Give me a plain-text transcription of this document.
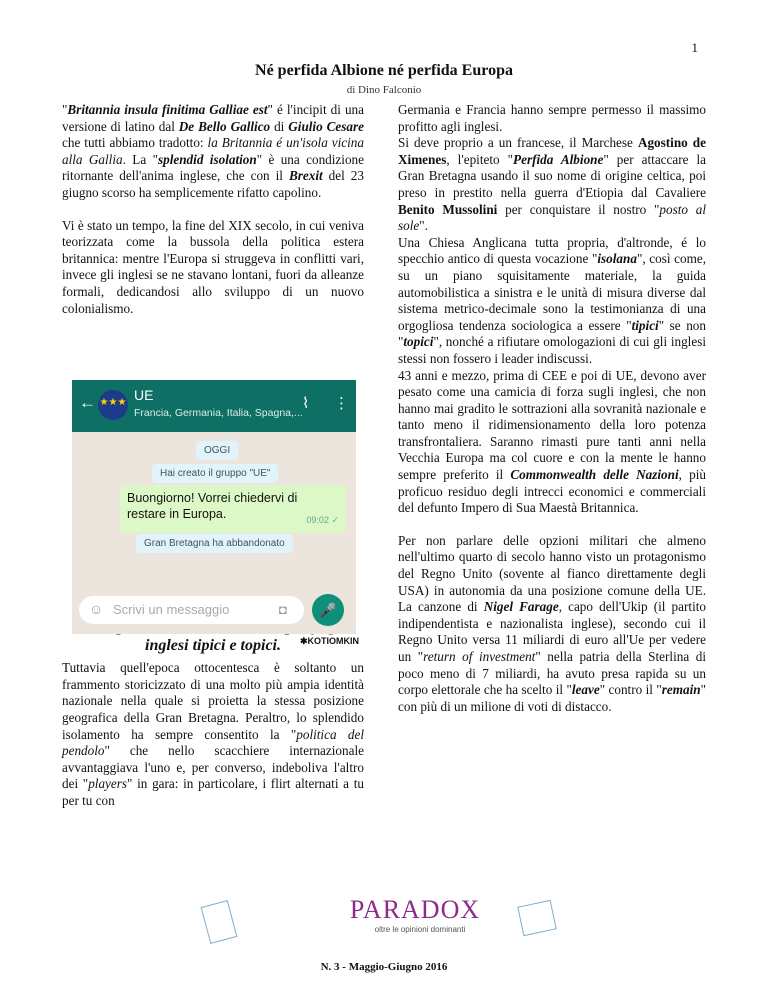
1
Né perfida Albione né perfida Europa
di Dino Falconio

"Britannia insula finitima Galliae est" é l'incipit di una versione di latino dal De Bello Gallico di Giulio Cesare che tutti abbiamo tradotto: la Britannia é un'isola vicina alla Gallia. La "splendid isolation" è una condizione ritornante dell'anima inglese, che con il Brexit del 23 giugno scorso ha semplicemente rifatto capolino.

Vi è stato un tempo, la fine del XIX secolo, in cui veniva teorizzata come la bussola della politica estera britannica: mentre l'Europa si struggeva in conflitti vari, invece gli inglesi se ne stavano lontani, fuori da alleanze formali, dedicandosi allo sviluppo di un nuovo colonialismo.

inglesi tipici e topici.

Tuttavia quell'epoca ottocentesca è soltanto un frammento storicizzato di una molto più ampia identità nazionale nella quale si proietta la stessa posizione geografica della Gran Bretagna. Peraltro, lo splendido isolamento ha sempre consentito la "politica del pendolo" che nello scacchiere internazionale avvantaggiava l'uno e, per converso, indeboliva l'altro dei "players" in gara: in particolare, i flirt alternati a tu per tu con

← ★★★ UE
Francia, Germania, Italia, Spagna,...
⌇ ⋮
OGGI
Hai creato il gruppo "UE"
Buongiorno! Vorrei chiedervi di restare in Europa.	09:02 ✓
Gran Bretagna ha abbandonato
☺ Scrivi un messaggio	◘	🎤
✱KOTIOMKIN

Germania e Francia hanno sempre permesso il massimo profitto agli inglesi.
Si deve proprio a un francese, il Marchese Agostino de Ximenes, l'epiteto "Perfida Albione" per attaccare la Gran Bretagna usando il suo nome di origine celtica, poi preso in prestito nella guerra d'Etiopia dal Cavaliere Benito Mussolini per conquistare il nostro "posto al sole".
Una Chiesa Anglicana tutta propria, d'altronde, é lo specchio antico di questa vocazione "isolana", così come, su un piano squisitamente materiale, la guida automobilistica a sinistra e le unità di misura diverse dal sistema metrico-decimale sono la testimonianza di una orgogliosa tendenza sociologica a essere "tipici" se non "topici", nonché a rifiutare omologazioni di cui gli inglesi stessi non fossero i leader indiscussi.
43 anni e mezzo, prima di CEE e poi di UE, devono aver pesato come una camicia di forza sugli inglesi, che non hanno mai gradito le sottrazioni alla sovranità nazionale e tanto meno il ridimensionamento della loro potenza transfrontaliera. Saranno rimasti pure tanti anni nella Vecchia Europa ma col cuore e con la mente le hanno sempre preferito il Commonwealth delle Nazioni, più proficuo residuo degli intrecci economici e commerciali del defunto Impero di Sua Maestà Britannica.

Per non parlare delle opzioni militari che almeno nell'ultimo quarto di secolo hanno visto un protagonismo del Regno Unito (sovente al fianco direttamente degli USA) in autonomia da una posizione comune della UE. La canzone di Nigel Farage, capo dell'Ukip (il partito indipendentista e nazionalista inglese), secondo cui il Regno Unito versa 11 miliardi di euro all'Ue per vedere un "return of investment" nella patria della Sterlina di poco meno di 7 miliardi, ha avuto presa rapida su un corpo elettorale che ha scelto il "leave" contro il "remain" con più di un milione di voti di distacco.

PARADOX
oltre le opinioni dominanti
N. 3 - Maggio-Giugno 2016
